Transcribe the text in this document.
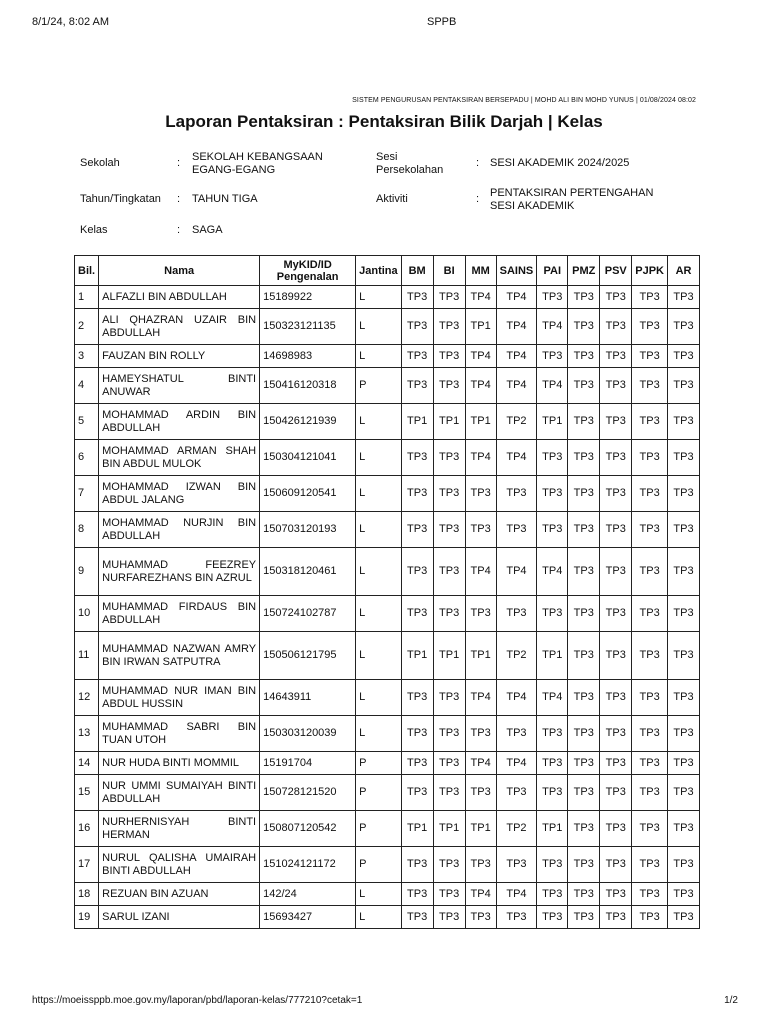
8/1/24, 8:02 AM	SPPB
SISTEM PENGURUSAN PENTAKSIRAN BERSEPADU | MOHD ALI BIN MOHD YUNUS | 01/08/2024 08:02
Laporan Pentaksiran : Pentaksiran Bilik Darjah | Kelas
Sekolah	: SEKOLAH KEBANGSAAN EGANG-EGANG
Sesi Persekolahan
: SESI AKADEMIK 2024/2025
Tahun/Tingkatan : TAHUN TIGA	Aktiviti	: PENTAKSIRAN PERTENGAHAN SESI AKADEMIK
Kelas	: SAGA
Bil.	Nama	MyKID/ID Pengenalan	Jantina	BM	BI	MM	SAINS	PAI	PMZ	PSV	PJPK	AR
1	ALFAZLI BIN ABDULLAH	15189922	L	TP3	TP3	TP4	TP4	TP3	TP3	TP3	TP3	TP3
2	ALI QHAZRAN UZAIR BIN ABDULLAH	150323121135	L	TP3	TP3	TP1	TP4	TP4	TP3	TP3	TP3	TP3
3	FAUZAN BIN ROLLY	14698983	L	TP3	TP3	TP4	TP4	TP3	TP3	TP3	TP3	TP3
4	HAMEYSHATUL BINTI ANUWAR	150416120318	P	TP3	TP3	TP4	TP4	TP4	TP3	TP3	TP3	TP3
5	MOHAMMAD ARDIN BIN ABDULLAH	150426121939	L	TP1	TP1	TP1	TP2	TP1	TP3	TP3	TP3	TP3
6	MOHAMMAD ARMAN SHAH BIN ABDUL MULOK	150304121041	L	TP3	TP3	TP4	TP4	TP3	TP3	TP3	TP3	TP3
7	MOHAMMAD IZWAN BIN ABDUL JALANG	150609120541	L	TP3	TP3	TP3	TP3	TP3	TP3	TP3	TP3	TP3
8	MOHAMMAD NURJIN BIN ABDULLAH	150703120193	L	TP3	TP3	TP3	TP3	TP3	TP3	TP3	TP3	TP3
9	MUHAMMAD FEEZREY NURFAREZHANS BIN AZRUL	150318120461	L	TP3	TP3	TP4	TP4	TP4	TP3	TP3	TP3	TP3
10	MUHAMMAD FIRDAUS BIN ABDULLAH	150724102787	L	TP3	TP3	TP3	TP3	TP3	TP3	TP3	TP3	TP3
11	MUHAMMAD NAZWAN AMRY BIN IRWAN SATPUTRA	150506121795	L	TP1	TP1	TP1	TP2	TP1	TP3	TP3	TP3	TP3
12	MUHAMMAD NUR IMAN BIN ABDUL HUSSIN	14643911	L	TP3	TP3	TP4	TP4	TP4	TP3	TP3	TP3	TP3
13	MUHAMMAD SABRI BIN TUAN UTOH	150303120039	L	TP3	TP3	TP3	TP3	TP3	TP3	TP3	TP3	TP3
14	NUR HUDA BINTI MOMMIL	15191704	P	TP3	TP3	TP4	TP4	TP3	TP3	TP3	TP3	TP3
15	NUR UMMI SUMAIYAH BINTI ABDULLAH	150728121520	P	TP3	TP3	TP3	TP3	TP3	TP3	TP3	TP3	TP3
16	NURHERNISYAH BINTI HERMAN	150807120542	P	TP1	TP1	TP1	TP2	TP1	TP3	TP3	TP3	TP3
17	NURUL QALISHA UMAIRAH BINTI ABDULLAH	151024121172	P	TP3	TP3	TP3	TP3	TP3	TP3	TP3	TP3	TP3
18	REZUAN BIN AZUAN	142/24	L	TP3	TP3	TP4	TP4	TP3	TP3	TP3	TP3	TP3
19	SARUL IZANI	15693427	L	TP3	TP3	TP3	TP3	TP3	TP3	TP3	TP3	TP3
https://moeissppb.moe.gov.my/laporan/pbd/laporan-kelas/777210?cetak=1	1/2
